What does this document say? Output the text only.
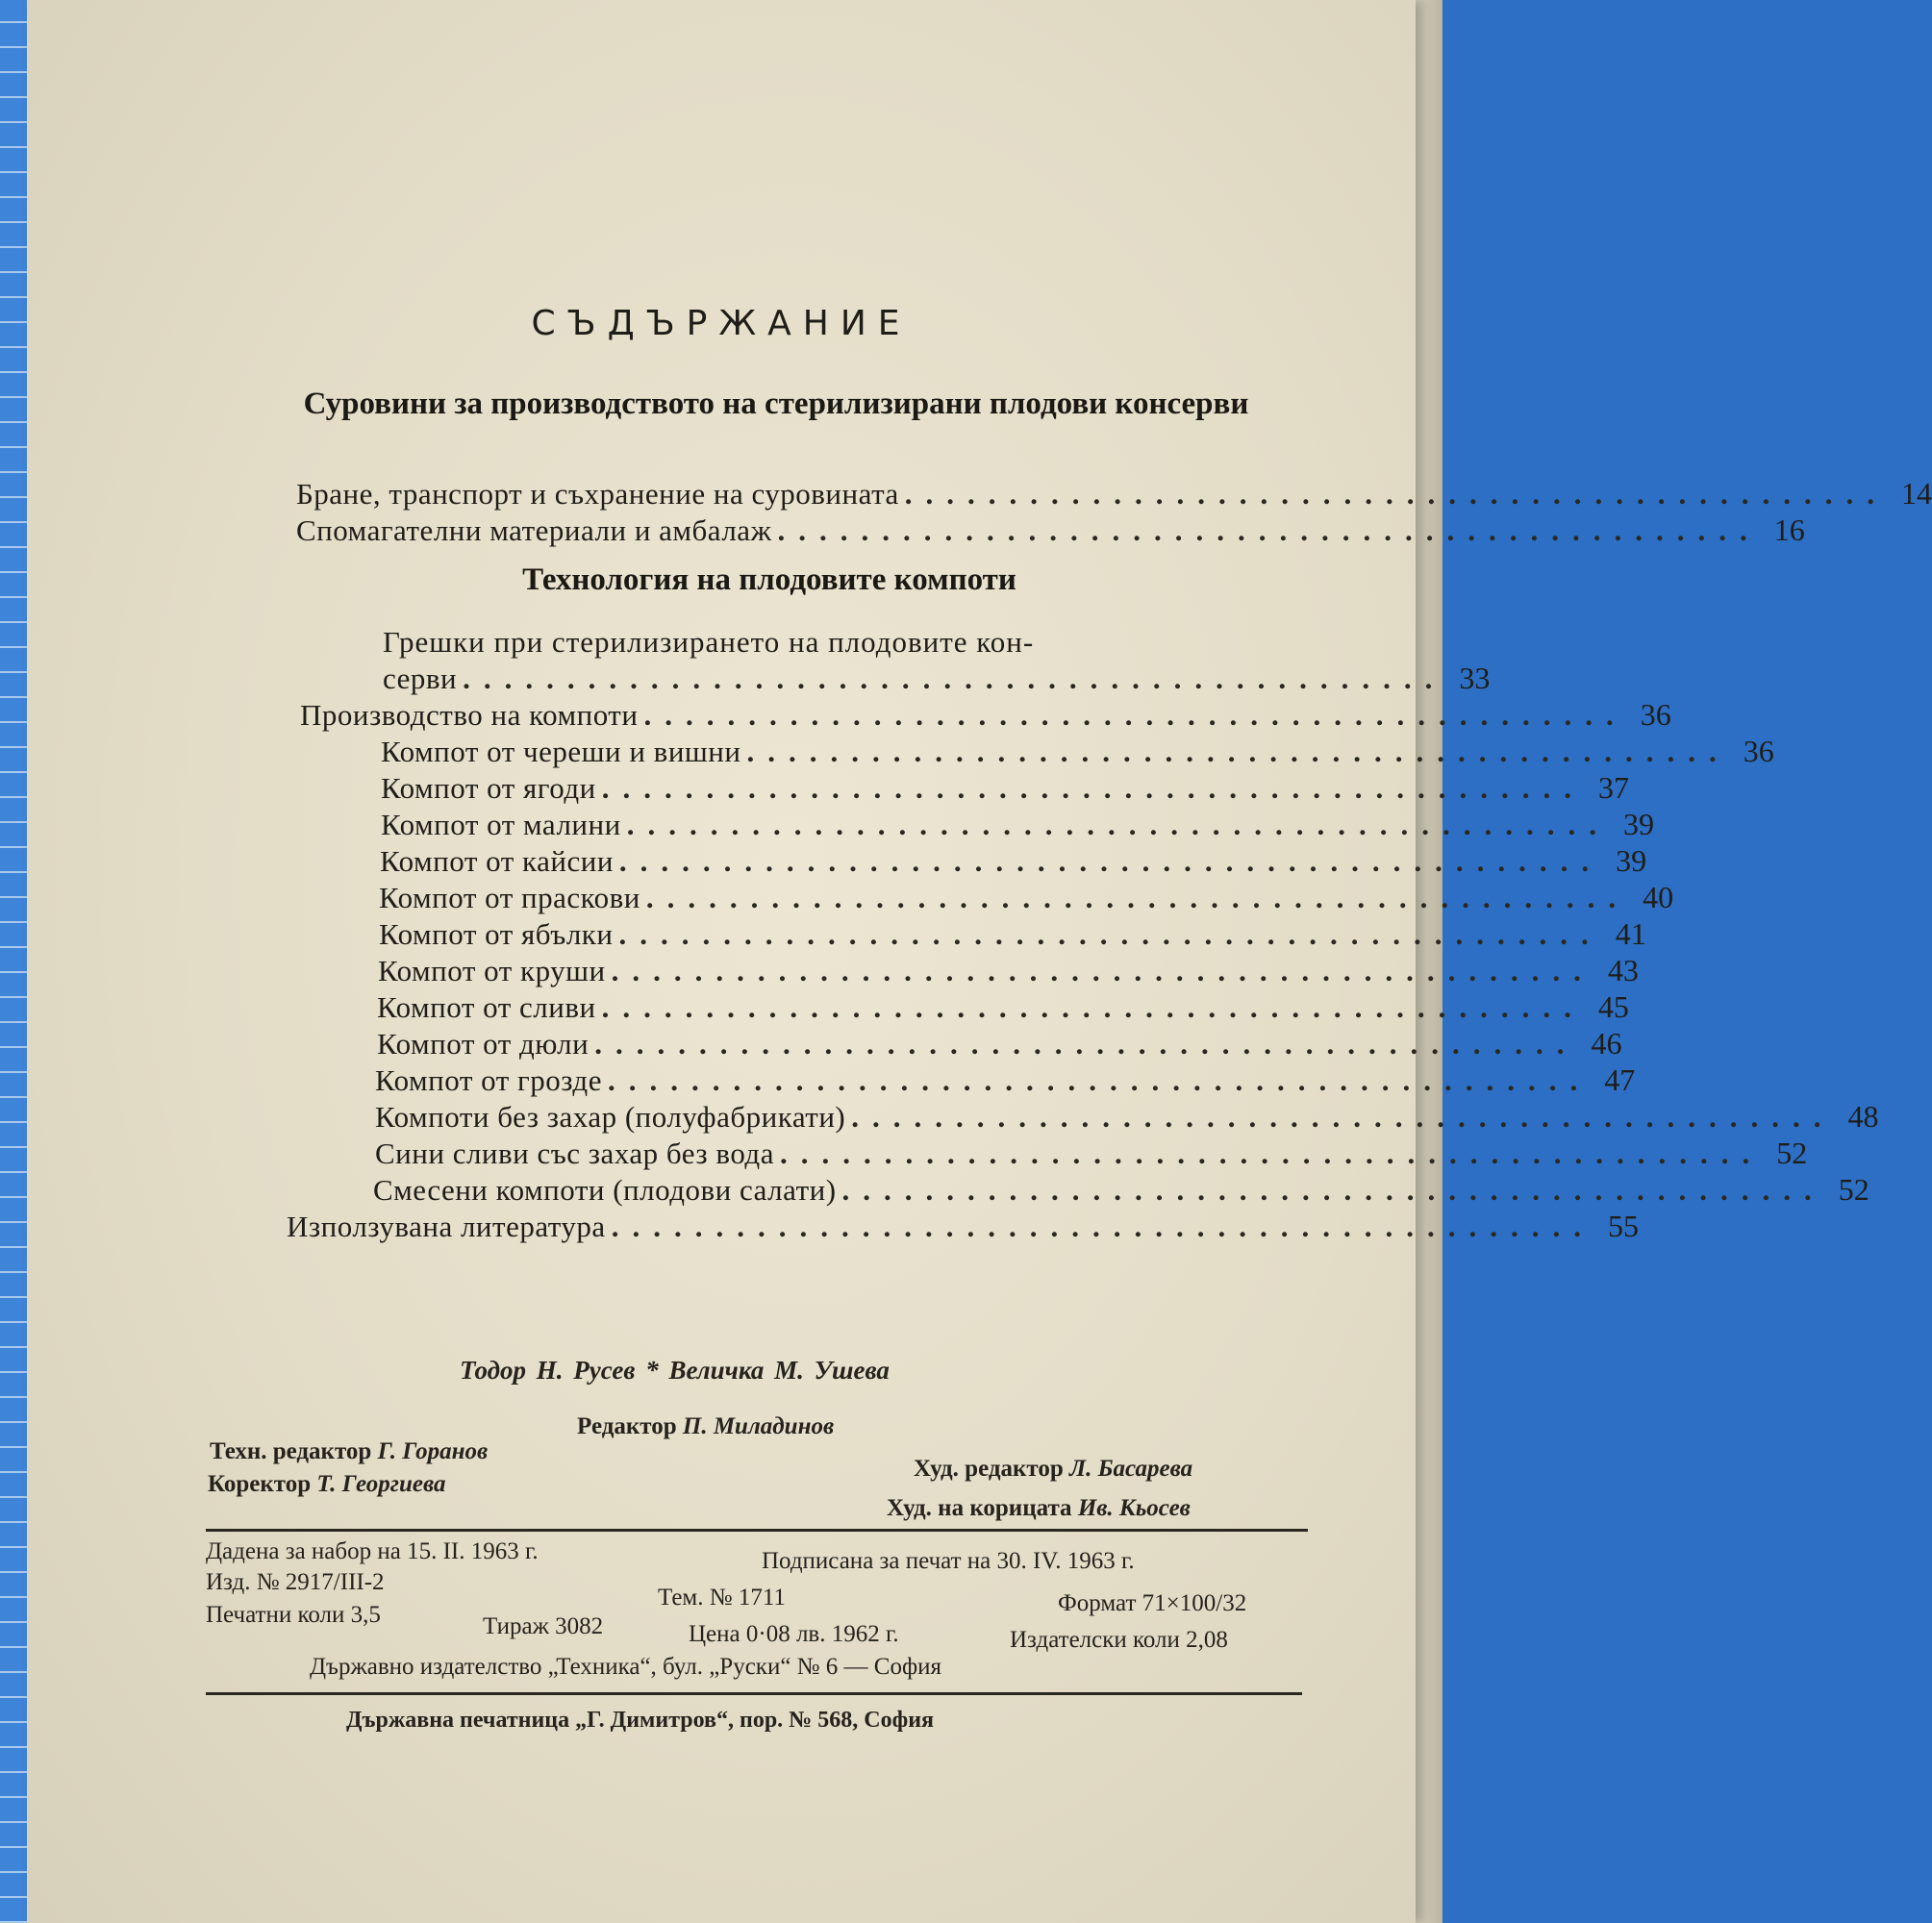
СЪДЪРЖАНИЕ
Суровини за производството на стерилизирани плодови консерви
Бране, транспорт и съхранение на суровината ............................................... 14
Спомагателни материали и амбалаж ............................................... 16
Технология на плодовите компоти
Грешки при стерилизирането на плодовите кон-
серви ............................................... 33
Производство на компоти ............................................... 36
Компот от череши и вишни ............................................... 36
Компот от ягоди ............................................... 37
Компот от малини ............................................... 39
Компот от кайсии ............................................... 39
Компот от праскови ............................................... 40
Компот от ябълки ............................................... 41
Компот от круши ............................................... 43
Компот от сливи ............................................... 45
Компот от дюли ............................................... 46
Компот от грозде ............................................... 47
Компоти без захар (полуфабрикати) ............................................... 48
Сини сливи със захар без вода ............................................... 52
Смесени компоти (плодови салати) ............................................... 52
Използувана литература ............................................... 55
Тодор Н. Русев * Величка М. Ушева
Редактор П. Миладинов
Техн. редактор Г. Горанов
Худ. редактор Л. Басарева
Коректор Т. Георгиева
Худ. на корицата Ив. Кьосев
Дадена за набор на 15. II. 1963 г.	Подписана за печат на 30. IV. 1963 г.
Изд. № 2917/III-2
Тем. № 1711	Формат 71×100/32
Печатни коли 3,5	Тираж 3082	Цена 0·08 лв. 1962 г.	Издателски коли 2,08
Държавно издателство „Техника“, бул. „Руски“ № 6 — София
Държавна печатница „Г. Димитров“, пор. № 568, София
